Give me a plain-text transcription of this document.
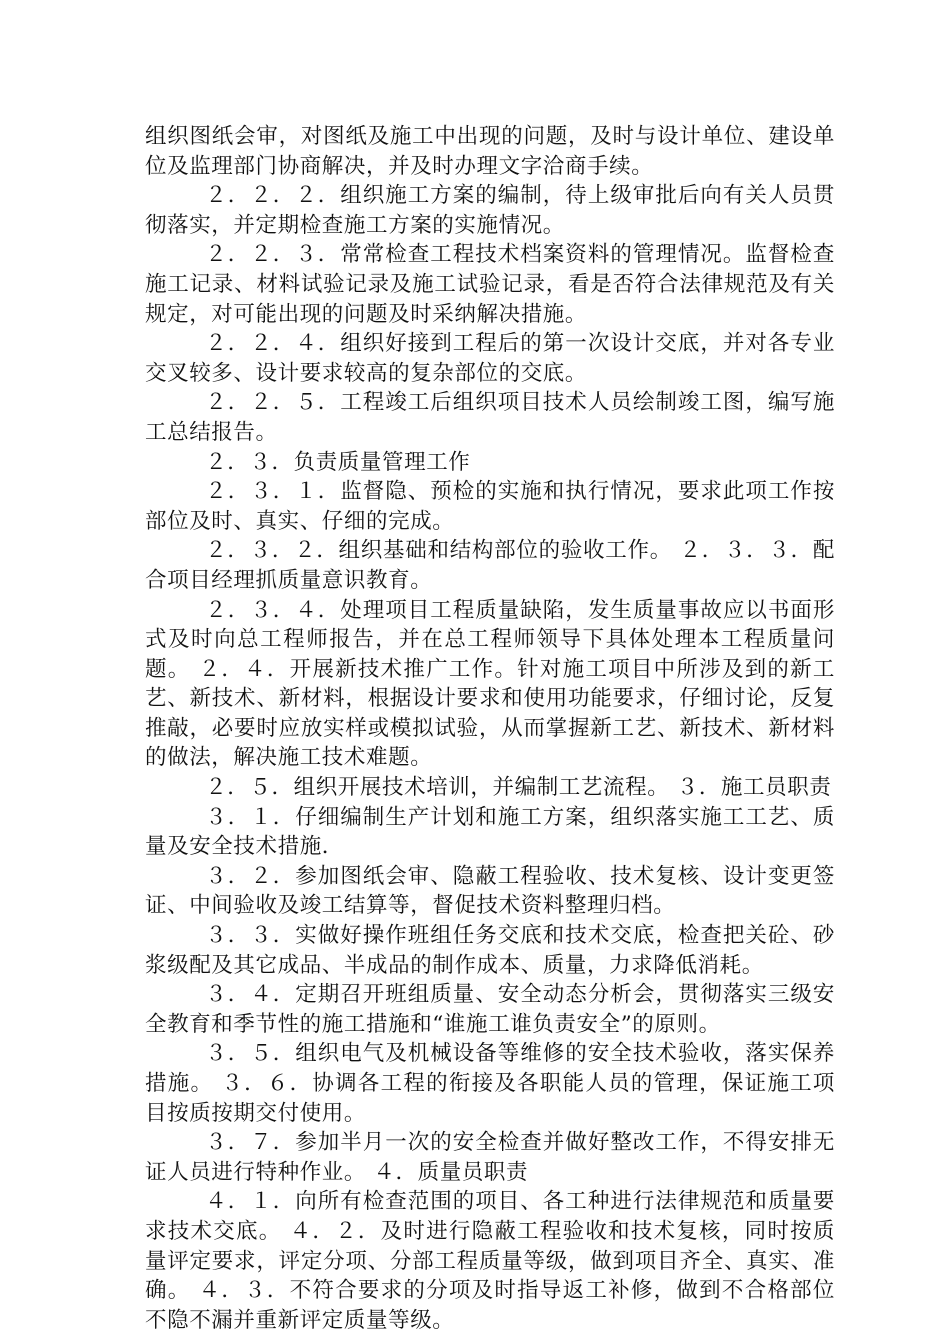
组织图纸会审，对图纸及施工中出现的问题，及时与设计单位、建设单位及监理部门协商解决，并及时办理文字洽商手续。

２．２．２．组织施工方案的编制，待上级审批后向有关人员贯彻落实，并定期检查施工方案的实施情况。

２．２．３．常常检查工程技术档案资料的管理情况。监督检查施工记录、材料试验记录及施工试验记录，看是否符合法律规范及有关规定，对可能出现的问题及时采纳解决措施。

２．２．４．组织好接到工程后的第一次设计交底，并对各专业交叉较多、设计要求较高的复杂部位的交底。

２．２．５．工程竣工后组织项目技术人员绘制竣工图，编写施工总结报告。

２．３．负责质量管理工作

２．３．１．监督隐、预检的实施和执行情况，要求此项工作按部位及时、真实、仔细的完成。

２．３．２．组织基础和结构部位的验收工作。 ２．３．３．配合项目经理抓质量意识教育。

２．３．４．处理项目工程质量缺陷，发生质量事故应以书面形式及时向总工程师报告，并在总工程师领导下具体处理本工程质量问题。 ２．４．开展新技术推广工作。针对施工项目中所涉及到的新工艺、新技术、新材料，根据设计要求和使用功能要求，仔细讨论，反复推敲，必要时应放实样或模拟试验，从而掌握新工艺、新技术、新材料的做法，解决施工技术难题。

２．５．组织开展技术培训，并编制工艺流程。 ３．施工员职责

３．１．仔细编制生产计划和施工方案，组织落实施工工艺、质量及安全技术措施．

３．２．参加图纸会审、隐蔽工程验收、技术复核、设计变更签证、中间验收及竣工结算等，督促技术资料整理归档。

３．３．实做好操作班组任务交底和技术交底，检查把关砼、砂浆级配及其它成品、半成品的制作成本、质量，力求降低消耗。

３．４．定期召开班组质量、安全动态分析会，贯彻落实三级安全教育和季节性的施工措施和“谁施工谁负责安全”的原则。

３．５．组织电气及机械设备等维修的安全技术验收，落实保养措施。 ３．６．协调各工程的衔接及各职能人员的管理，保证施工项目按质按期交付使用。

３．７．参加半月一次的安全检查并做好整改工作，不得安排无证人员进行特种作业。 ４．质量员职责

４．１．向所有检查范围的项目、各工种进行法律规范和质量要求技术交底。 ４．２．及时进行隐蔽工程验收和技术复核，同时按质量评定要求，评定分项、分部工程质量等级，做到项目齐全、真实、准确。 ４．３．不符合要求的分项及时指导返工补修，做到不合格部位不隐不漏并重新评定质量等级。
